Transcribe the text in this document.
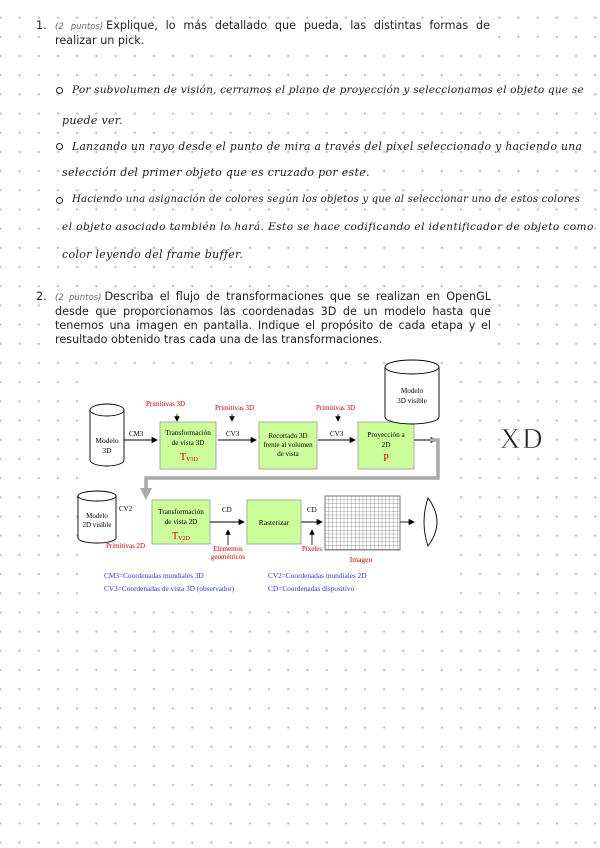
1. (2 puntos) Explique, lo más detallado que pueda, las distintas formas de realizar un pick.
Por subvolumen de visión, cerramos el plano de proyección y seleccionamos el objeto que se
puede ver.
Lanzando un rayo desde el punto de mira a través del pixel seleccionado y haciendo una
selección del primer objeto que es cruzado por este.
Haciendo una asignación de colores según los objetos y que al seleccionar uno de estos colores
el objeto asociado también lo hará. Esto se hace codificando el identificador de objeto como
color leyendo del frame buffer.
2. (2 puntos) Describa el flujo de transformaciones que se realizan en OpenGL desde que proporcionamos las coordenadas 3D de un modelo hasta que tenemos una imagen en pantalla. Indique el propósito de cada etapa y el resultado obtenido tras cada una de las transformaciones.
Modelo
3D
Primitivas 3D	Primitivas 3D	Primitivas 3D
CM3	CV3	CV3
Transformación
de vista 3D
TV3D
Recortado 3D
frente al volumen
de vista
Proyección a
2D
P
Modelo
3D visible
Modelo
2D visible
CV2	Transformación
de vista 2D
TV2D
Primitivas 2D
CD	CD
Elementos
geométricos
Píxeles
Rasterizar
Imagen
CM3=Coordenadas mundiales 3D
CV3=Coordenadas de vista 3D (observador)
CV2=Coordenadas mundiales 2D
CD=Coordenadas dispositivo
XD
